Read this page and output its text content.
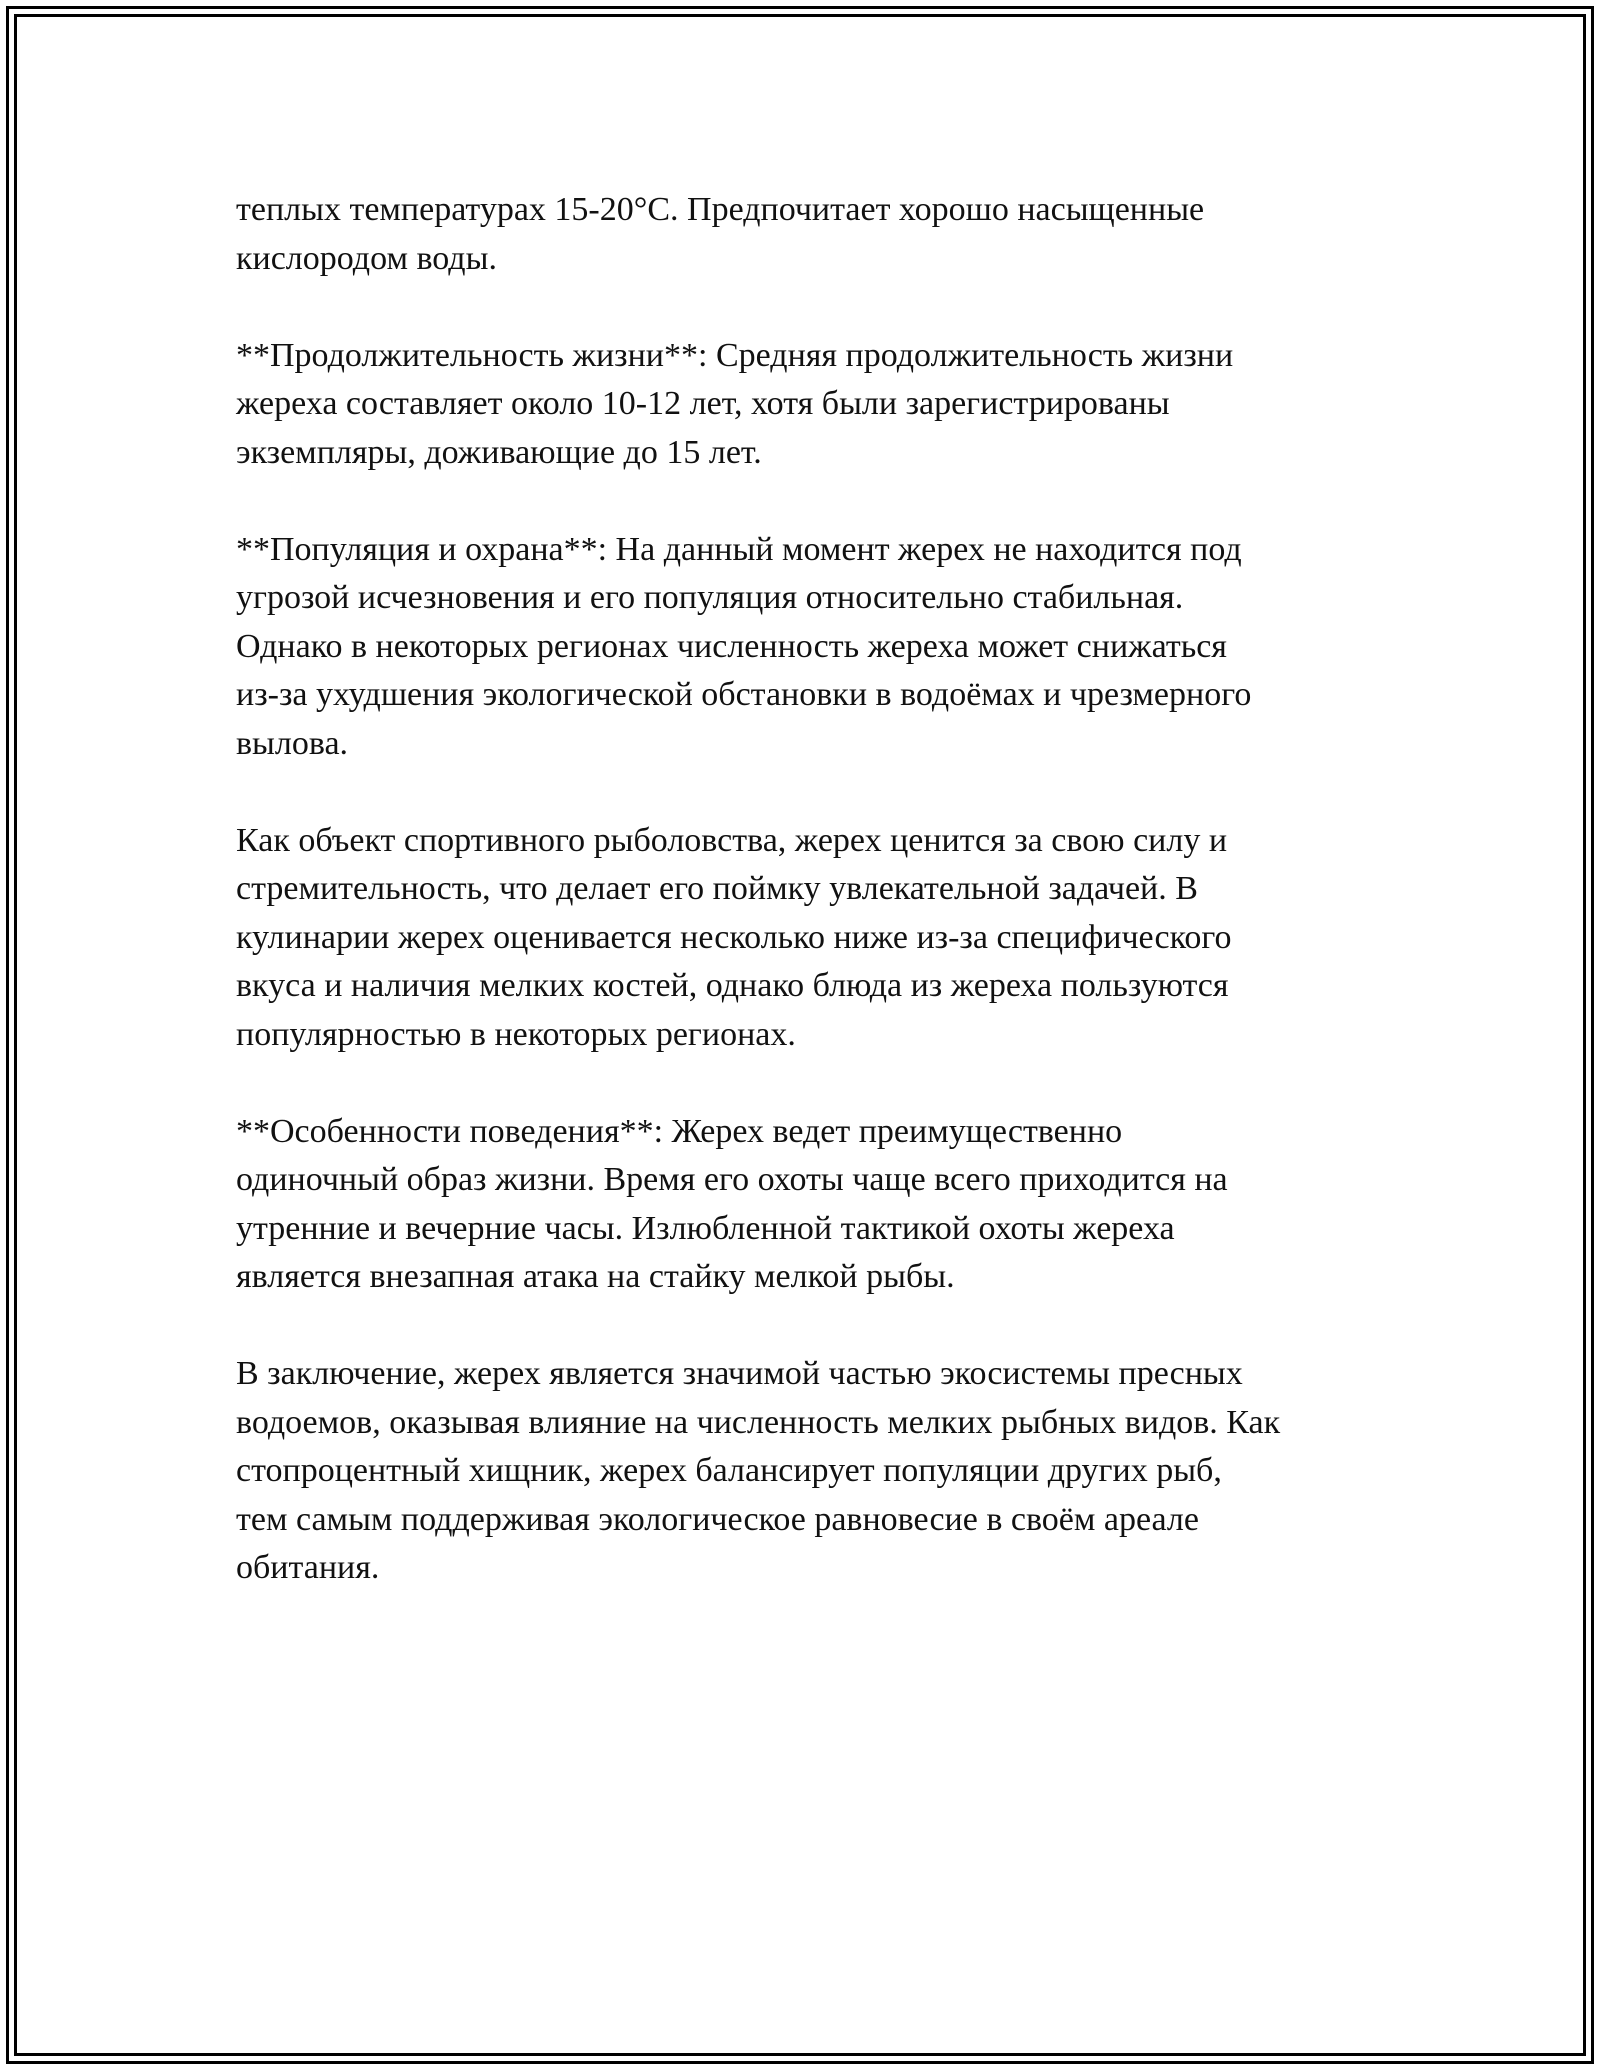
теплых температурах 15-20°C. Предпочитает хорошо насыщенные
кислородом воды.
**Продолжительность жизни**: Средняя продолжительность жизни
жереха составляет около 10-12 лет, хотя были зарегистрированы
экземпляры, доживающие до 15 лет.
**Популяция и охрана**: На данный момент жерех не находится под
угрозой исчезновения и его популяция относительно стабильная.
Однако в некоторых регионах численность жереха может снижаться
из-за ухудшения экологической обстановки в водоёмах и чрезмерного
вылова.
Как объект спортивного рыболовства, жерех ценится за свою силу и
стремительность, что делает его поймку увлекательной задачей. В
кулинарии жерех оценивается несколько ниже из-за специфического
вкуса и наличия мелких костей, однако блюда из жереха пользуются
популярностью в некоторых регионах.
**Особенности поведения**: Жерех ведет преимущественно
одиночный образ жизни. Время его охоты чаще всего приходится на
утренние и вечерние часы. Излюбленной тактикой охоты жереха
является внезапная атака на стайку мелкой рыбы.
В заключение, жерех является значимой частью экосистемы пресных
водоемов, оказывая влияние на численность мелких рыбных видов. Как
стопроцентный хищник, жерех балансирует популяции других рыб,
тем самым поддерживая экологическое равновесие в своём ареале
обитания.
